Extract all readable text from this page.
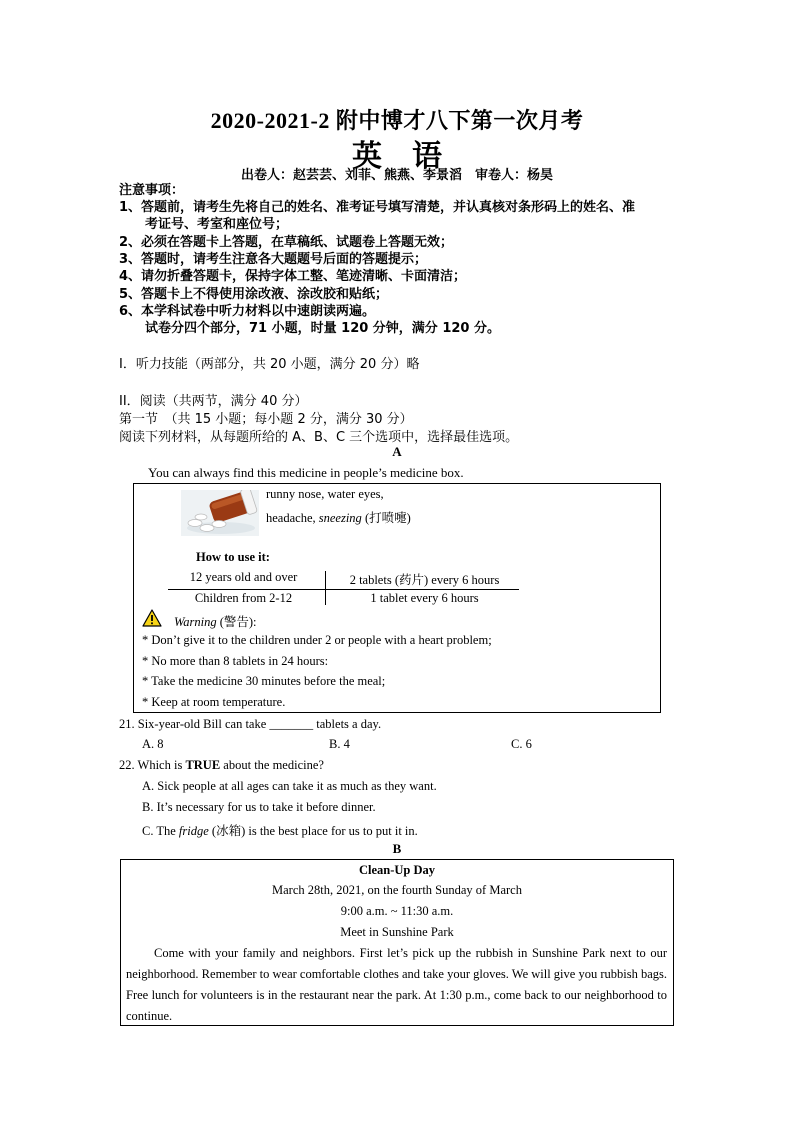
2020-2021-2 附中博才八下第一次月考
英语
出卷人：赵芸芸、刘菲、熊燕、李景滔　审卷人：杨昊
注意事项：
1、答题前，请考生先将自己的姓名、准考证号填写清楚，并认真核对条形码上的姓名、准
　　考证号、考室和座位号；
2、必须在答题卡上答题，在草稿纸、试题卷上答题无效；
3、答题时，请考生注意各大题题号后面的答题提示；
4、请勿折叠答题卡，保持字体工整、笔迹清晰、卡面清洁；
5、答题卡上不得使用涂改液、涂改胶和贴纸；
6、本学科试卷中听力材料以中速朗读两遍。
　　试卷分四个部分，71 小题，时量 120 分钟，满分 120 分。
I．听力技能（两部分，共 20 小题，满分 20 分）略
II．阅读（共两节，满分 40 分）
第一节　（共 15 小题；每小题 2 分，满分 30 分）
阅读下列材料，从每题所给的 A、B、C 三个选项中，选择最佳选项。
A
You can always find this medicine in people’s medicine box.
runny nose, water eyes,
headache, sneezing (打喷嚏)
How to use it:
12 years old and over	2 tablets (药片) every 6 hours
Children from 2-12	1 tablet every 6 hours
Warning (警告):
* Don’t give it to the children under 2 or people with a heart problem;
* No more than 8 tablets in 24 hours:
* Take the medicine 30 minutes before the meal;
* Keep at room temperature.
21. Six-year-old Bill can take _______ tablets a day.
A. 8	B. 4	C. 6
22. Which is TRUE about the medicine?
A. Sick people at all ages can take it as much as they want.
B. It’s necessary for us to take it before dinner.
C. The fridge (冰箱) is the best place for us to put it in.
B
Clean-Up Day
March 28th, 2021, on the fourth Sunday of March
9:00 a.m. ~ 11:30 a.m.
Meet in Sunshine Park
Come with your family and neighbors. First let’s pick up the rubbish in Sunshine Park next to our neighborhood. Remember to wear comfortable clothes and take your gloves. We will give you rubbish bags. Free lunch for volunteers is in the restaurant near the park. At 1:30 p.m., come back to our neighborhood to continue.
